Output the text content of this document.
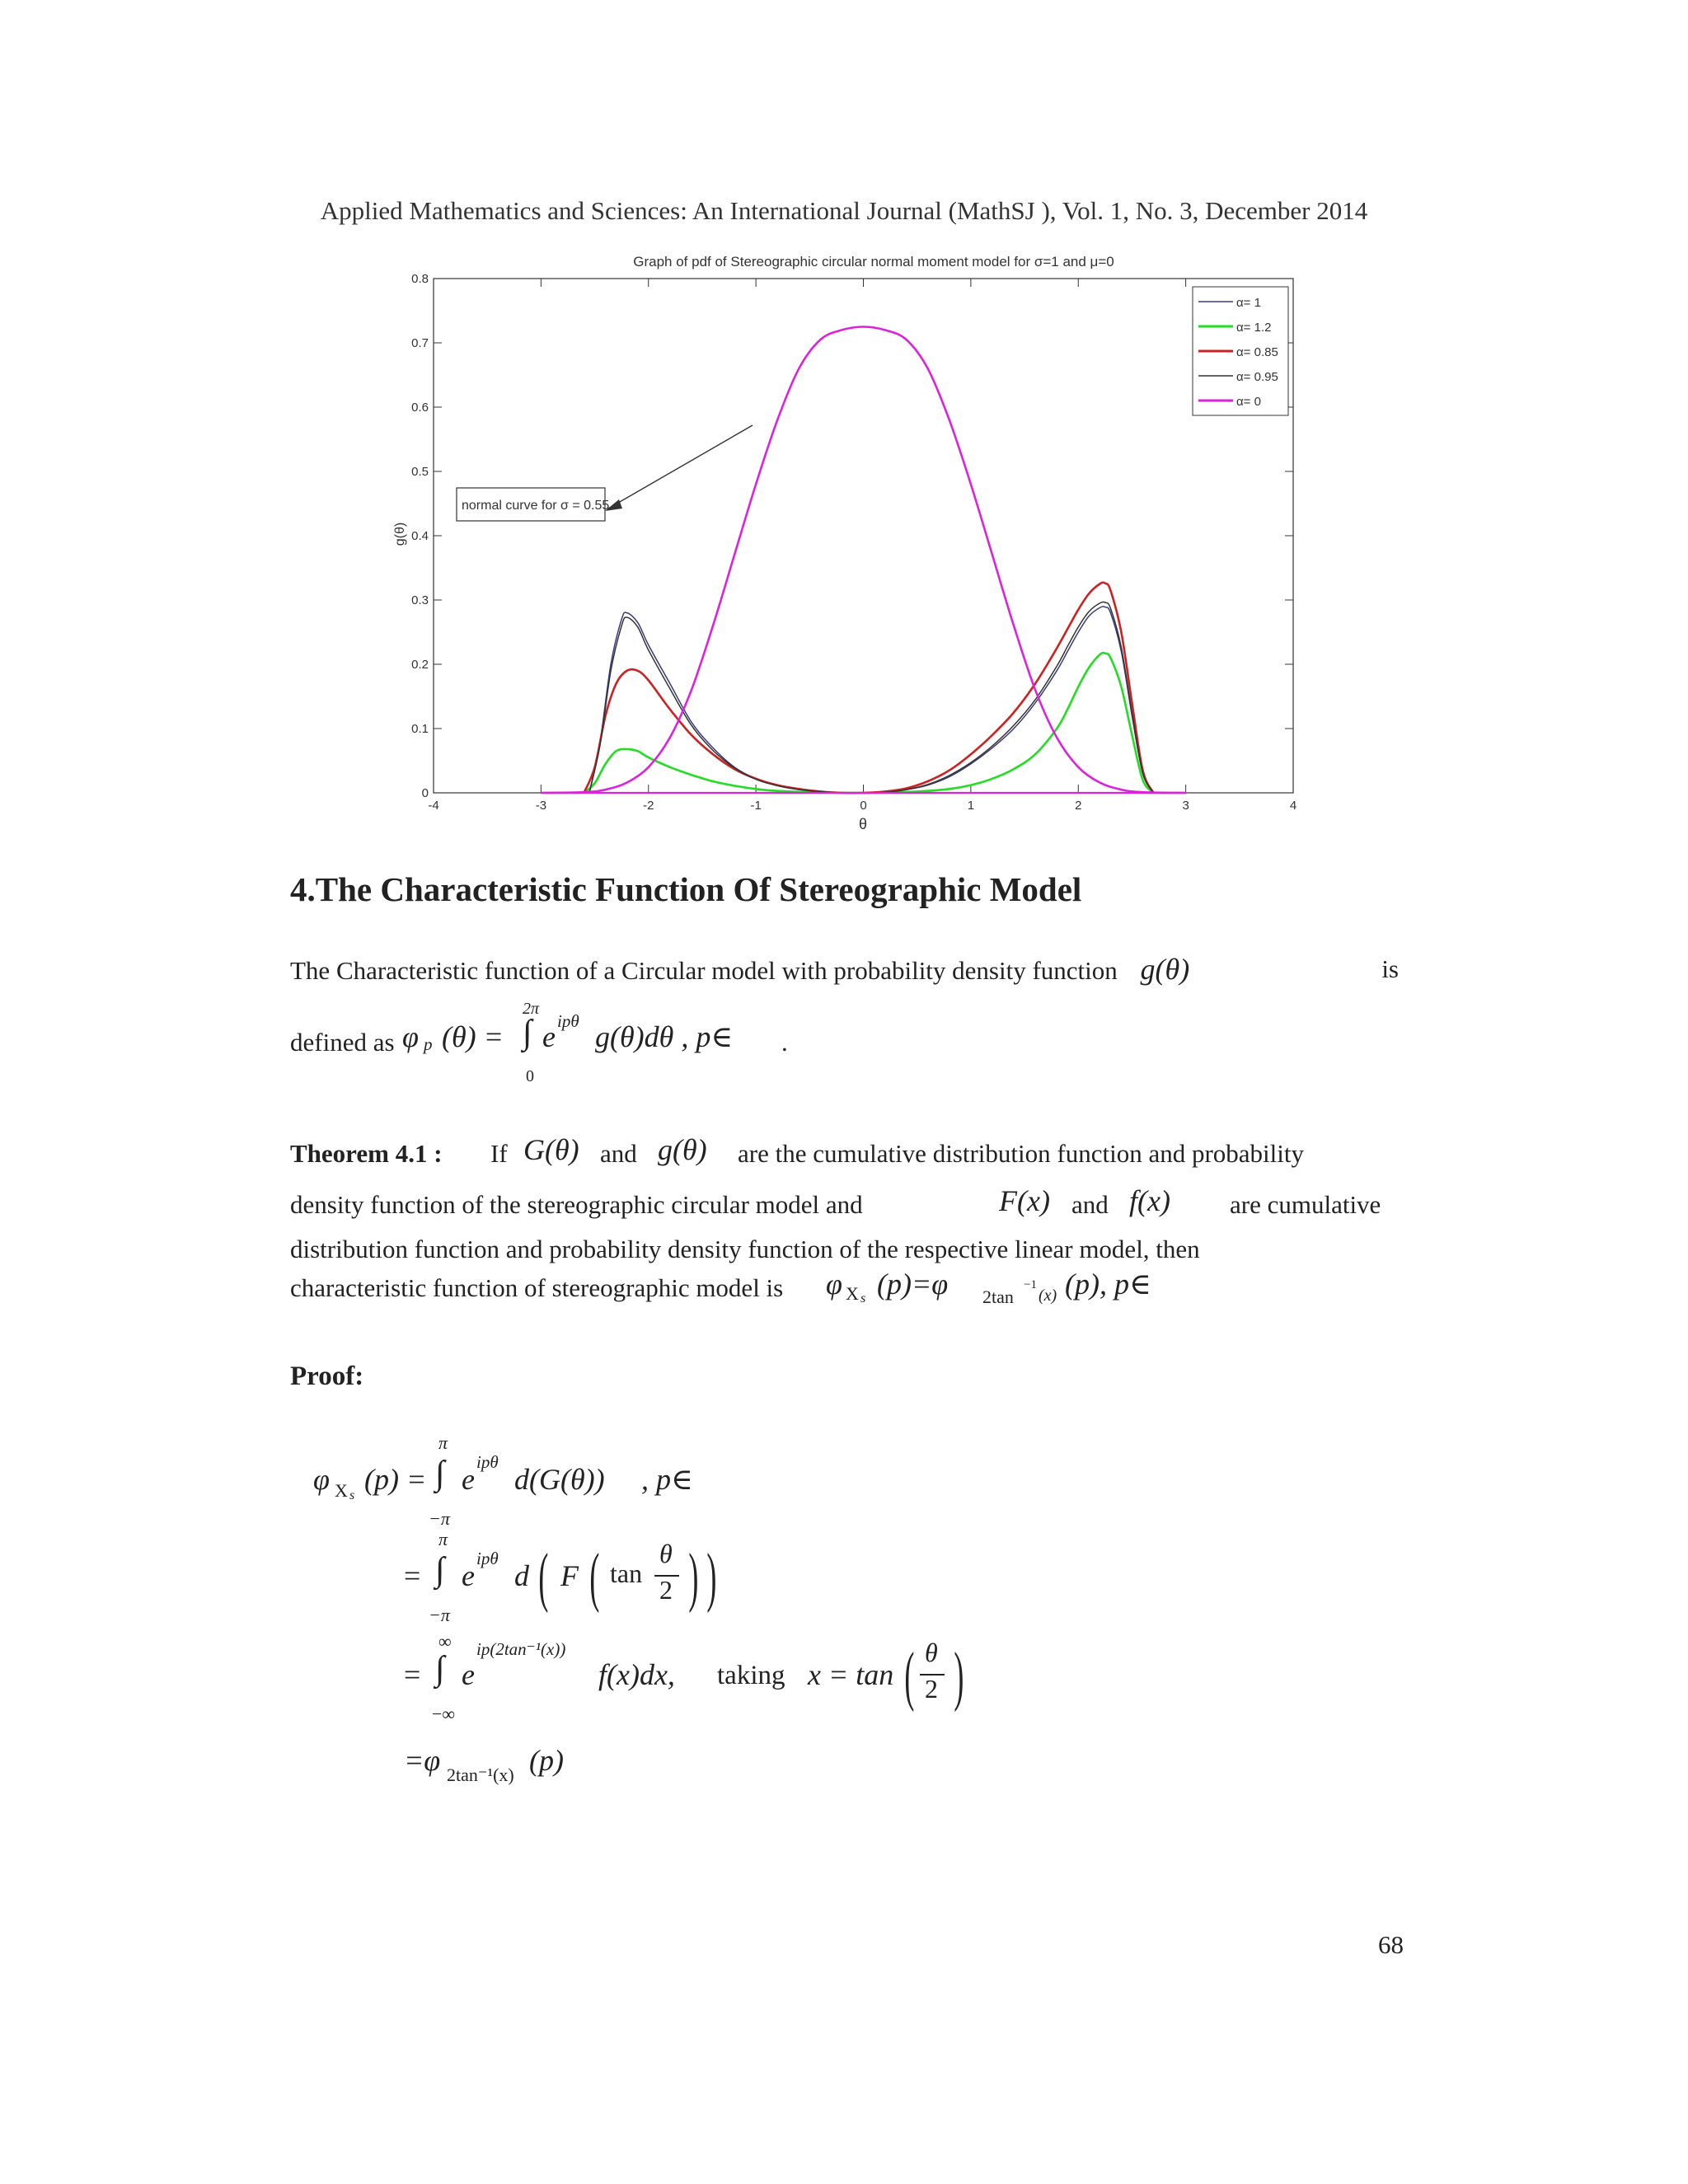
Applied Mathematics and Sciences: An International Journal (MathSJ ), Vol. 1, No. 3, December 2014
Graph of pdf of Stereographic circular normal moment model for σ=1 and μ=0
-4	-3	-2	-1	0	1	2	3	4
0
0.1
0.2
0.3
0.4
0.5
0.6
0.7
0.8
θ
g(θ)
normal curve for σ = 0.55
α= 1
α= 1.2
α= 0.85
α= 0.95
α= 0
4.The Characteristic Function Of Stereographic Model
The Characteristic function of a Circular model with probability density function g(θ)	is
defined as φ p (θ) =
2π
∫
0
e ipθ g(θ)dθ , p∈ .
Theorem 4.1 : If G(θ) and g(θ) are the cumulative distribution function and probability
density function of the stereographic circular model and	F(x) and f(x) are cumulative
distribution function and probability density function of the respective linear model, then
characteristic function of stereographic model is φ X s (p)=φ 2tan
−1
(x) (p), p∈
Proof:
φ X s (p) =
π
∫
−π
e
ipθ
d(G(θ)) , p∈
=
π
∫
−π
e
ipθ
d ( F ( tan
θ
2 ) )
=
∞
∫
−∞
e
ip(2tan⁻¹(x))
f(x)dx, taking x = tan ( θ
2 )
=φ 2tan⁻¹(x) (p)
68
